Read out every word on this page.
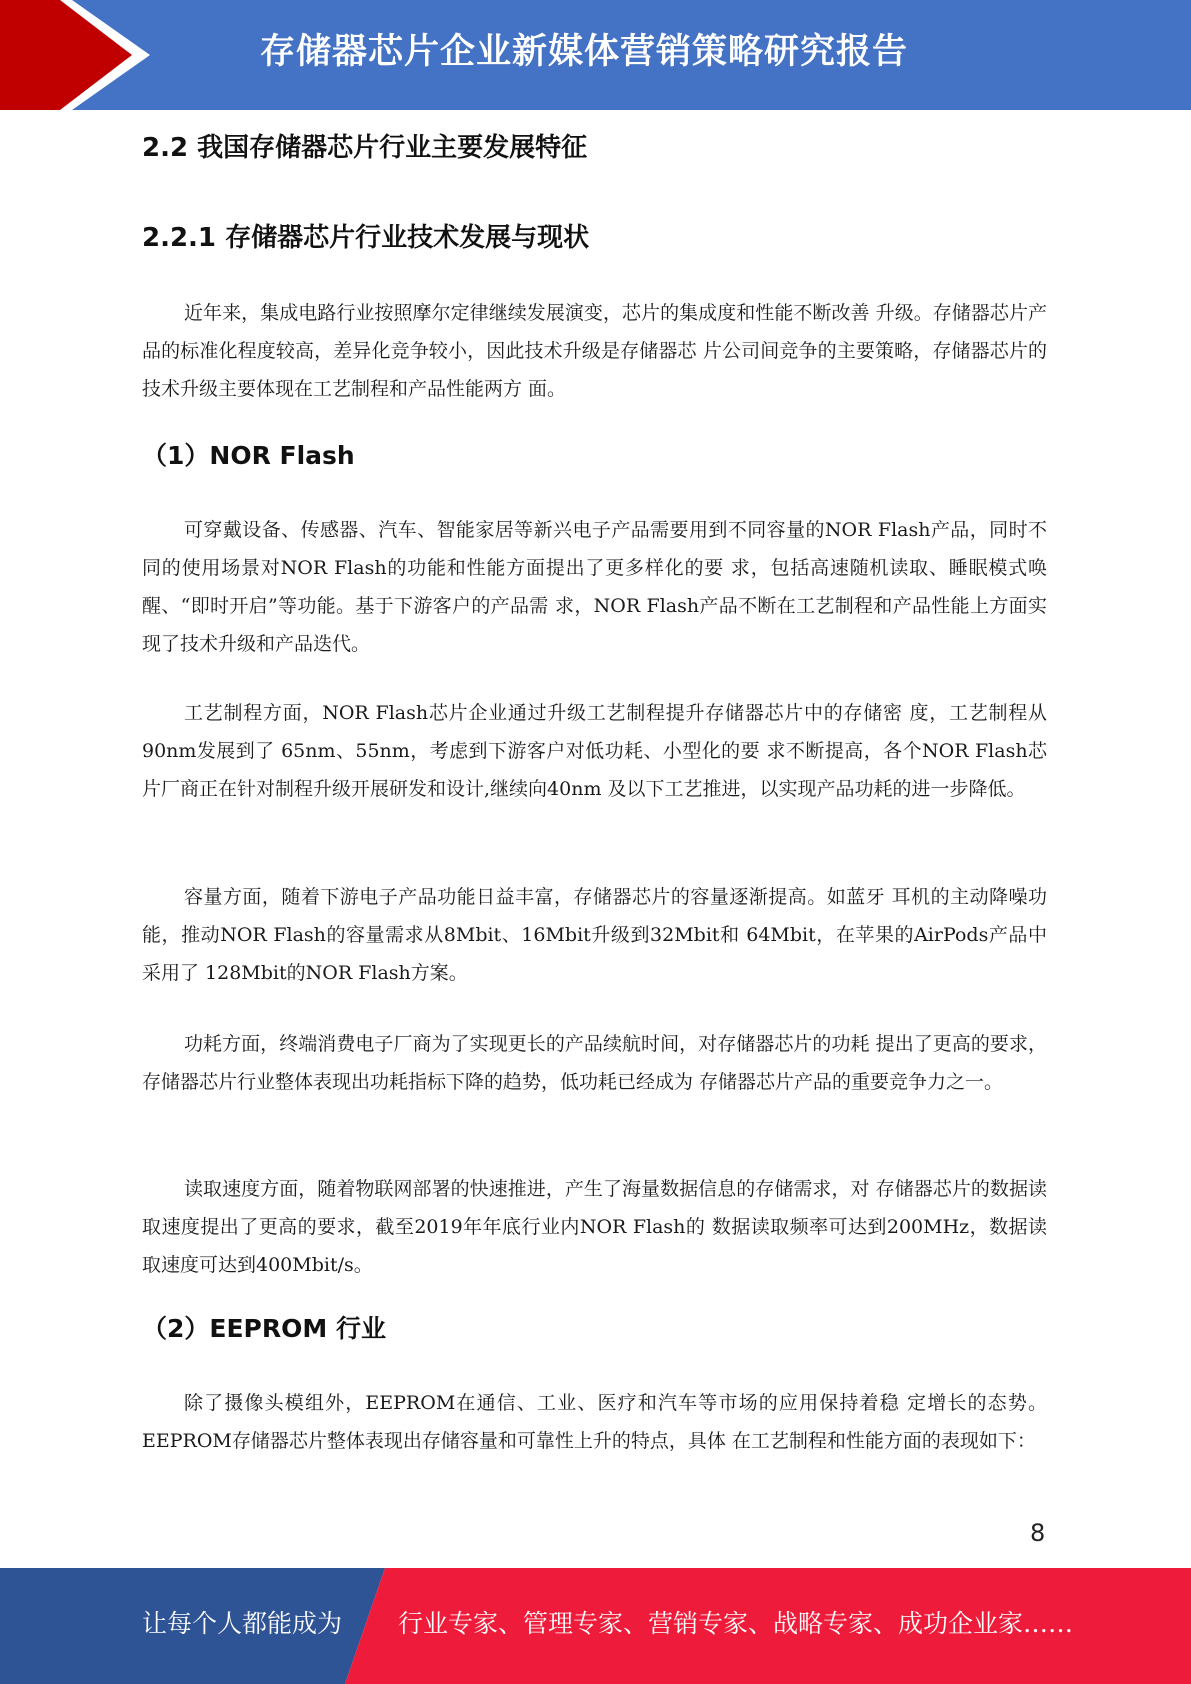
存储器芯片企业新媒体营销策略研究报告
2.2 我国存储器芯片行业主要发展特征
2.2.1 存储器芯片行业技术发展与现状

近年来，集成电路行业按照摩尔定律继续发展演变，芯片的集成度和性能不断改善 升级。存储器芯片产品的标准化程度较高，差异化竞争较小，因此技术升级是存储器芯 片公司间竞争的主要策略，存储器芯片的技术升级主要体现在工艺制程和产品性能两方 面。

（1）NOR Flash

可穿戴设备、传感器、汽车、智能家居等新兴电子产品需要用到不同容量的NOR Flash产品，同时不同的使用场景对NOR Flash的功能和性能方面提出了更多样化的要 求，包括高速随机读取、睡眠模式唤醒、“即时开启”等功能。基于下游客户的产品需 求，NOR Flash产品不断在工艺制程和产品性能上方面实现了技术升级和产品迭代。

工艺制程方面，NOR Flash芯片企业通过升级工艺制程提升存储器芯片中的存储密 度，工艺制程从90nm发展到了 65nm、55nm，考虑到下游客户对低功耗、小型化的要 求不断提高，各个NOR Flash芯片厂商正在针对制程升级开展研发和设计,继续向40nm 及以下工艺推进，以实现产品功耗的进一步降低。

容量方面，随着下游电子产品功能日益丰富，存储器芯片的容量逐渐提高。如蓝牙 耳机的主动降噪功能，推动NOR Flash的容量需求从8Mbit、16Mbit升级到32Mbit和 64Mbit，在苹果的AirPods产品中采用了 128Mbit的NOR Flash方案。

功耗方面，终端消费电子厂商为了实现更长的产品续航时间，对存储器芯片的功耗 提出了更高的要求，存储器芯片行业整体表现出功耗指标下降的趋势，低功耗已经成为 存储器芯片产品的重要竞争力之一。

读取速度方面，随着物联网部署的快速推进，产生了海量数据信息的存储需求，对 存储器芯片的数据读取速度提出了更高的要求，截至2019年年底行业内NOR Flash的 数据读取频率可达到200MHz，数据读取速度可达到400Mbit/s。

（2）EEPROM 行业

除了摄像头模组外，EEPROM在通信、工业、医疗和汽车等市场的应用保持着稳 定增长的态势。EEPROM存储器芯片整体表现出存储容量和可靠性上升的特点，具体 在工艺制程和性能方面的表现如下：

8
让每个人都能成为 行业专家、管理专家、营销专家、战略专家、成功企业家……
